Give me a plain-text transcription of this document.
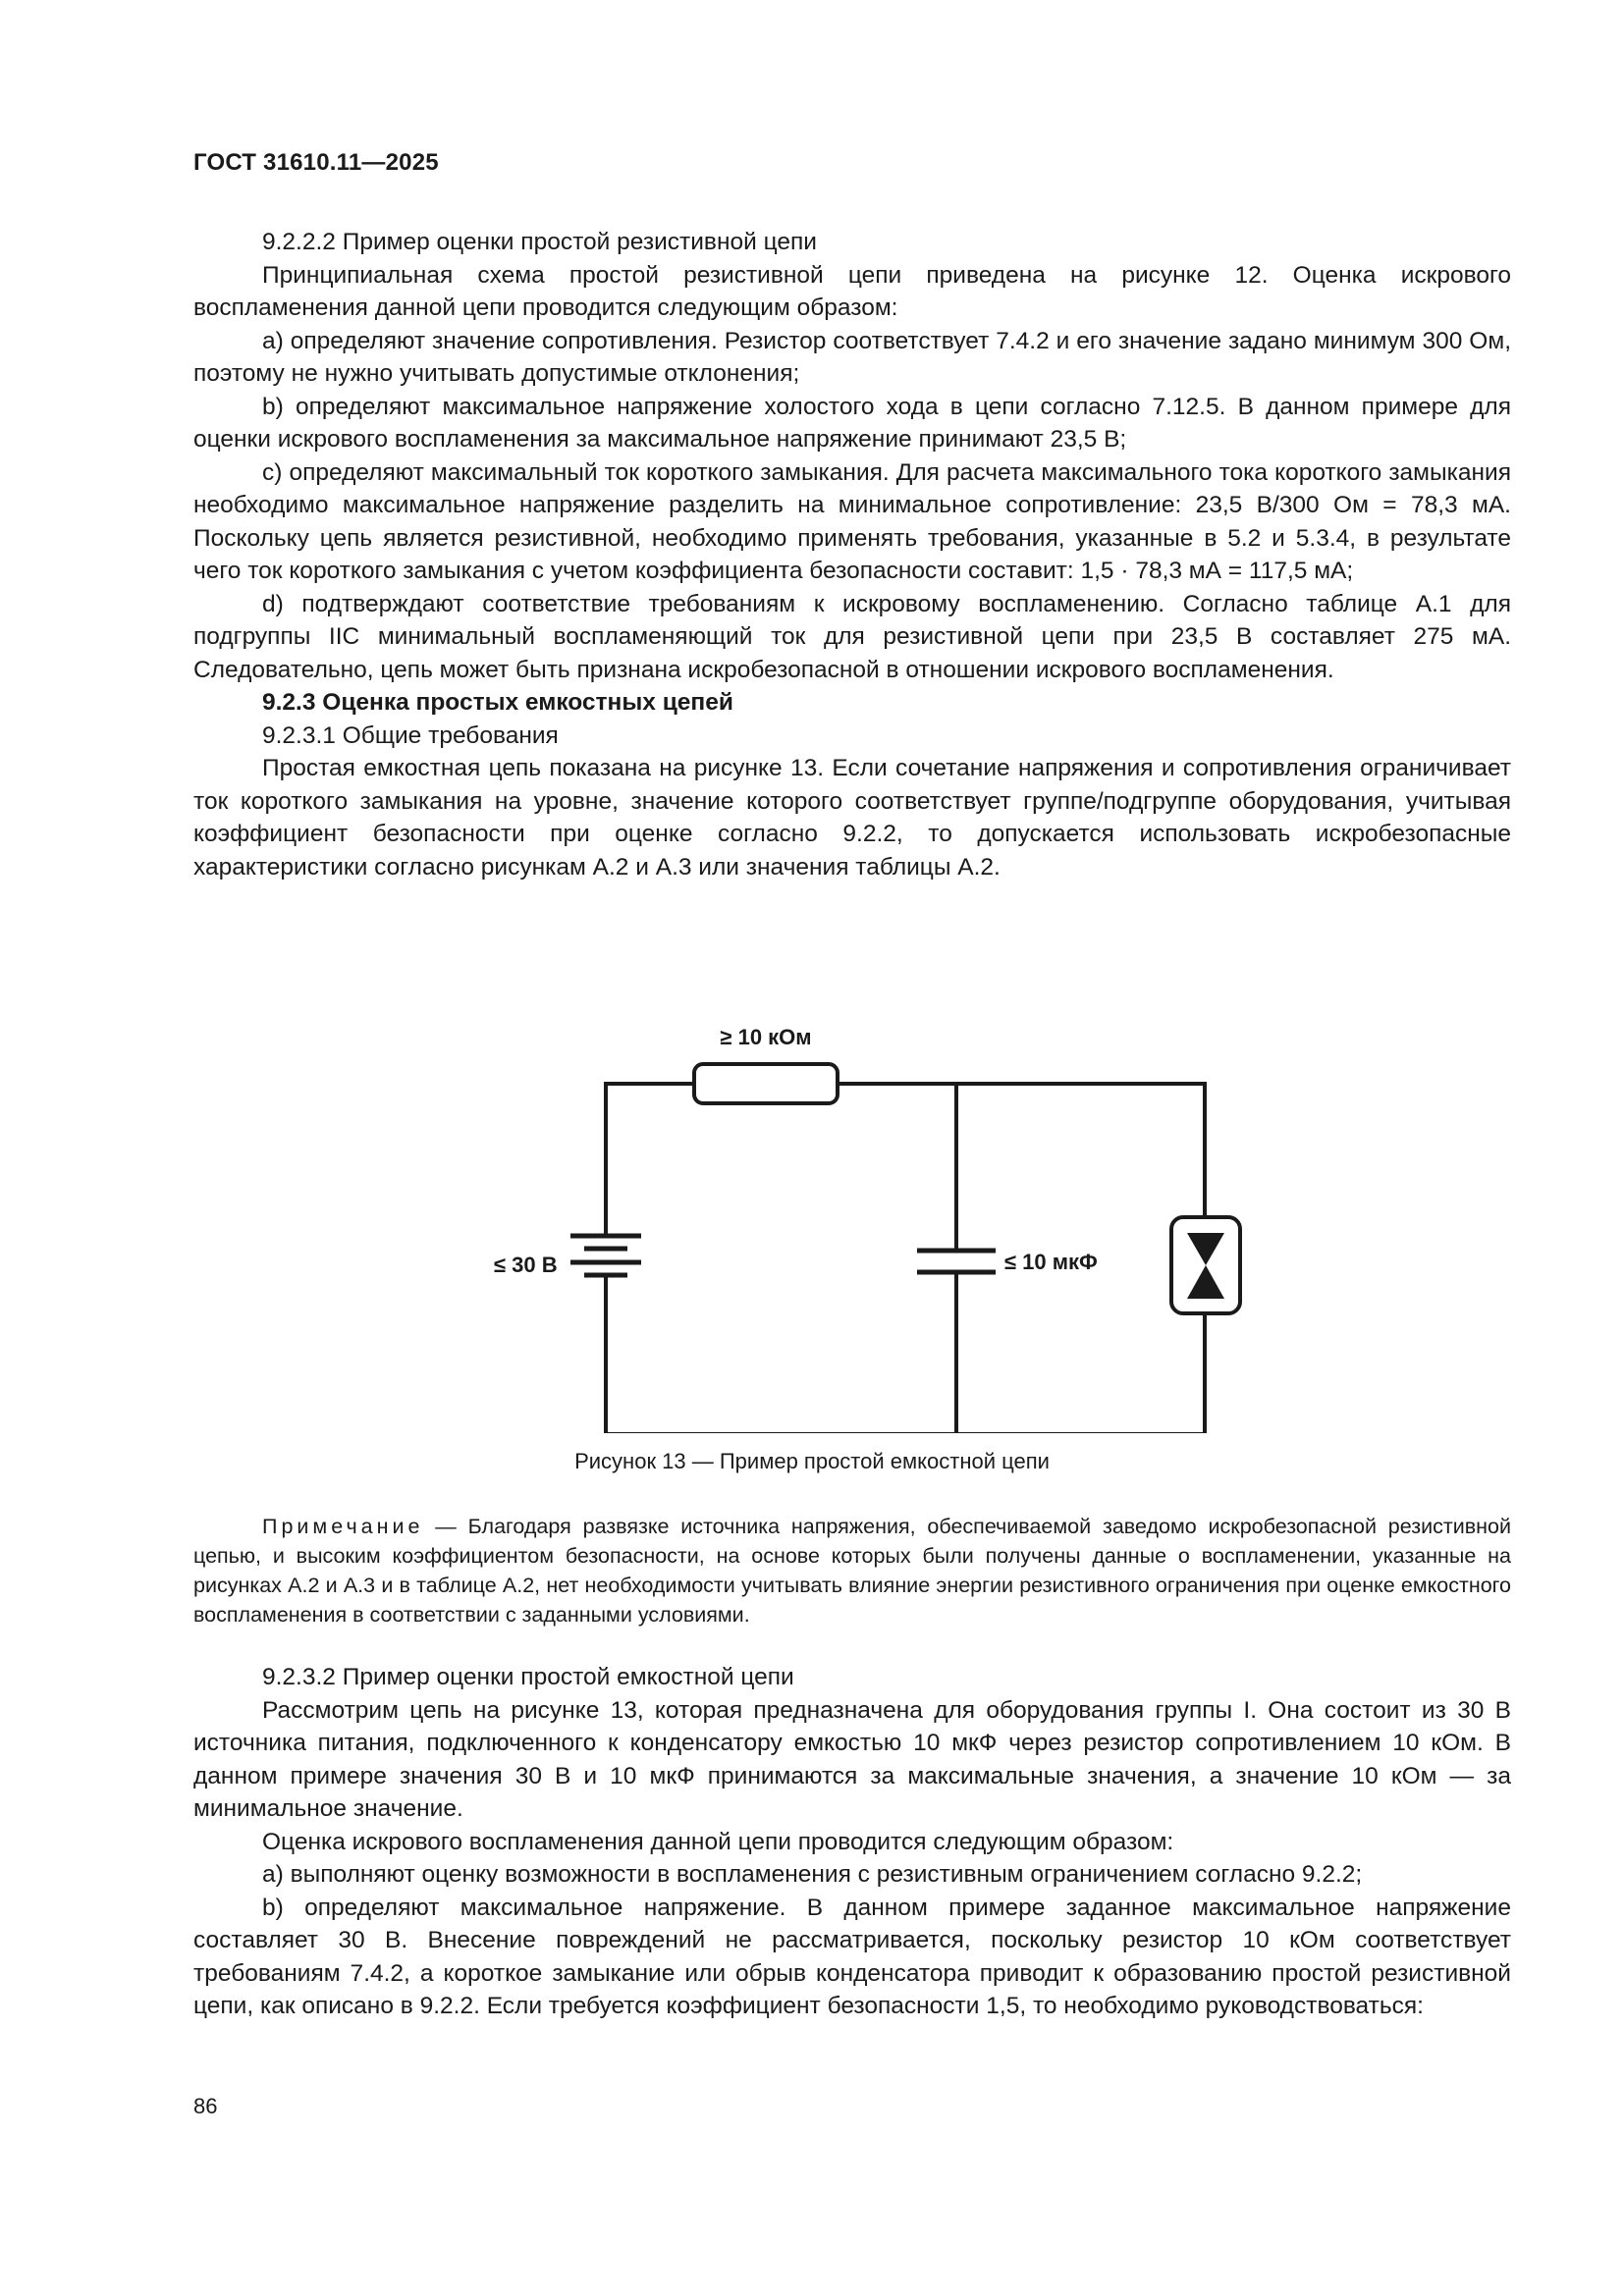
ГОСТ 31610.11—2025

9.2.2.2 Пример оценки простой резистивной цепи

Принципиальная схема простой резистивной цепи приведена на рисунке 12. Оценка искрового воспламенения данной цепи проводится следующим образом:

a) определяют значение сопротивления. Резистор соответствует 7.4.2 и его значение задано минимум 300 Ом, поэтому не нужно учитывать допустимые отклонения;

b) определяют максимальное напряжение холостого хода в цепи согласно 7.12.5. В данном примере для оценки искрового воспламенения за максимальное напряжение принимают 23,5 В;

c) определяют максимальный ток короткого замыкания. Для расчета максимального тока короткого замыкания необходимо максимальное напряжение разделить на минимальное сопротивление: 23,5 В/300 Ом = 78,3 мА. Поскольку цепь является резистивной, необходимо применять требования, указанные в 5.2 и 5.3.4, в результате чего ток короткого замыкания с учетом коэффициента безопасности составит: 1,5 · 78,3 мА = 117,5 мА;

d) подтверждают соответствие требованиям к искровому воспламенению. Согласно таблице А.1 для подгруппы IIC минимальный воспламеняющий ток для резистивной цепи при 23,5 В составляет 275 мА. Следовательно, цепь может быть признана искробезопасной в отношении искрового воспламенения.

9.2.3 Оценка простых емкостных цепей

9.2.3.1 Общие требования

Простая емкостная цепь показана на рисунке 13. Если сочетание напряжения и сопротивления ограничивает ток короткого замыкания на уровне, значение которого соответствует группе/подгруппе оборудования, учитывая коэффициент безопасности при оценке согласно 9.2.2, то допускается использовать искробезопасные характеристики согласно рисункам А.2 и А.3 или значения таблицы А.2.

≥ 10 кОм
≤ 30 В	≤ 10 мкФ
Рисунок 13 — Пример простой емкостной цепи

Примечание — Благодаря развязке источника напряжения, обеспечиваемой заведомо искробезопасной резистивной цепью, и высоким коэффициентом безопасности, на основе которых были получены данные о воспламенении, указанные на рисунках А.2 и А.3 и в таблице А.2, нет необходимости учитывать влияние энергии резистивного ограничения при оценке емкостного воспламенения в соответствии с заданными условиями.

9.2.3.2 Пример оценки простой емкостной цепи

Рассмотрим цепь на рисунке 13, которая предназначена для оборудования группы I. Она состоит из 30 В источника питания, подключенного к конденсатору емкостью 10 мкФ через резистор сопротивлением 10 кОм. В данном примере значения 30 В и 10 мкФ принимаются за максимальные значения, а значение 10 кОм — за минимальное значение.

Оценка искрового воспламенения данной цепи проводится следующим образом:

a) выполняют оценку возможности в воспламенения с резистивным ограничением согласно 9.2.2;

b) определяют максимальное напряжение. В данном примере заданное максимальное напряжение составляет 30 В. Внесение повреждений не рассматривается, поскольку резистор 10 кОм соответствует требованиям 7.4.2, а короткое замыкание или обрыв конденсатора приводит к образованию простой резистивной цепи, как описано в 9.2.2. Если требуется коэффициент безопасности 1,5, то необходимо руководствоваться:

86
